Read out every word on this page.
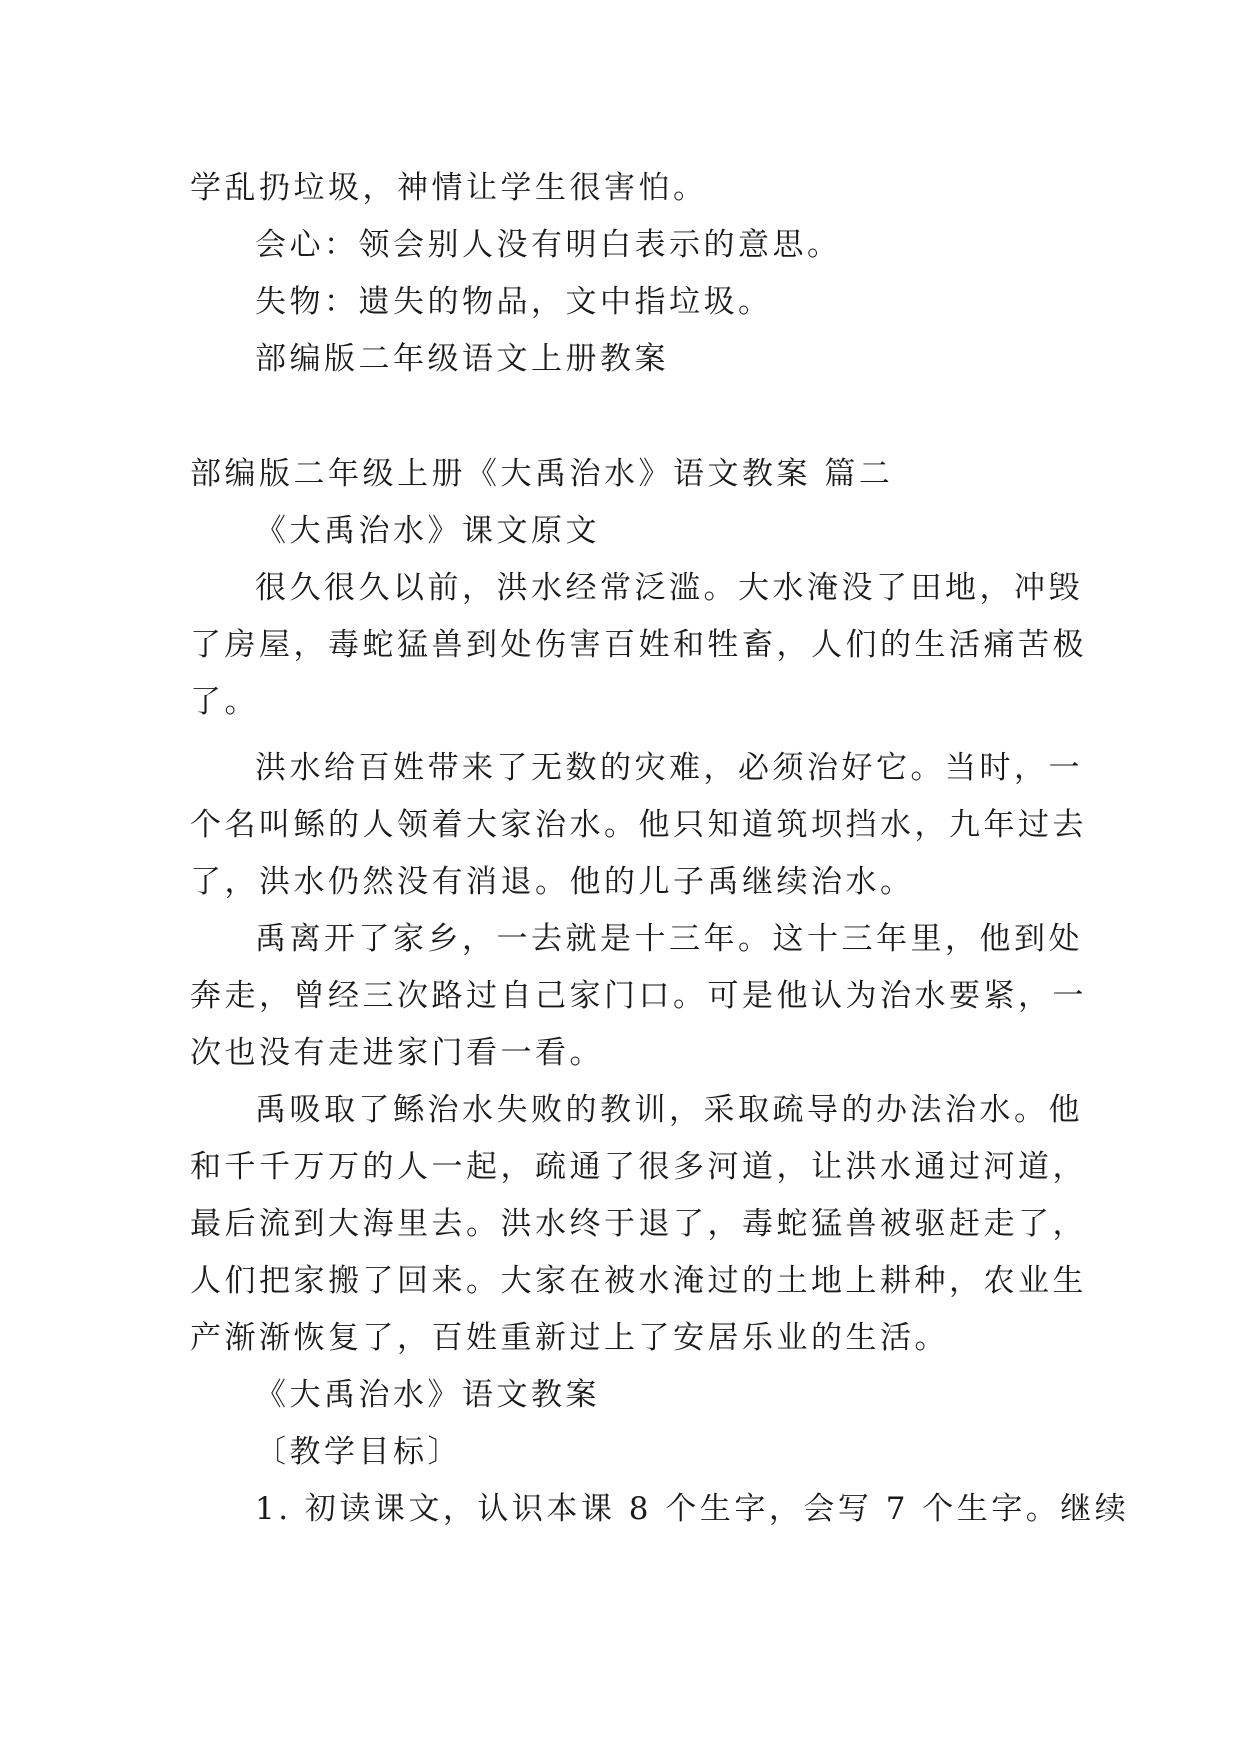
学乱扔垃圾，神情让学生很害怕。
会心：领会别人没有明白表示的意思。
失物：遗失的物品，文中指垃圾。
部编版二年级语文上册教案
部编版二年级上册《大禹治水》语文教案 篇二
《大禹治水》课文原文
很久很久以前，洪水经常泛滥。大水淹没了田地，冲毁
了房屋，毒蛇猛兽到处伤害百姓和牲畜，人们的生活痛苦极
了。
洪水给百姓带来了无数的灾难，必须治好它。当时，一
个名叫鲧的人领着大家治水。他只知道筑坝挡水，九年过去
了，洪水仍然没有消退。他的儿子禹继续治水。
禹离开了家乡，一去就是十三年。这十三年里，他到处
奔走，曾经三次路过自己家门口。可是他认为治水要紧，一
次也没有走进家门看一看。
禹吸取了鲧治水失败的教训，采取疏导的办法治水。他
和千千万万的人一起，疏通了很多河道，让洪水通过河道，
最后流到大海里去。洪水终于退了，毒蛇猛兽被驱赶走了，
人们把家搬了回来。大家在被水淹过的土地上耕种，农业生
产渐渐恢复了，百姓重新过上了安居乐业的生活。
《大禹治水》语文教案
〔教学目标〕
1. 初读课文，认识本课 8 个生字，会写 7 个生字。继续
